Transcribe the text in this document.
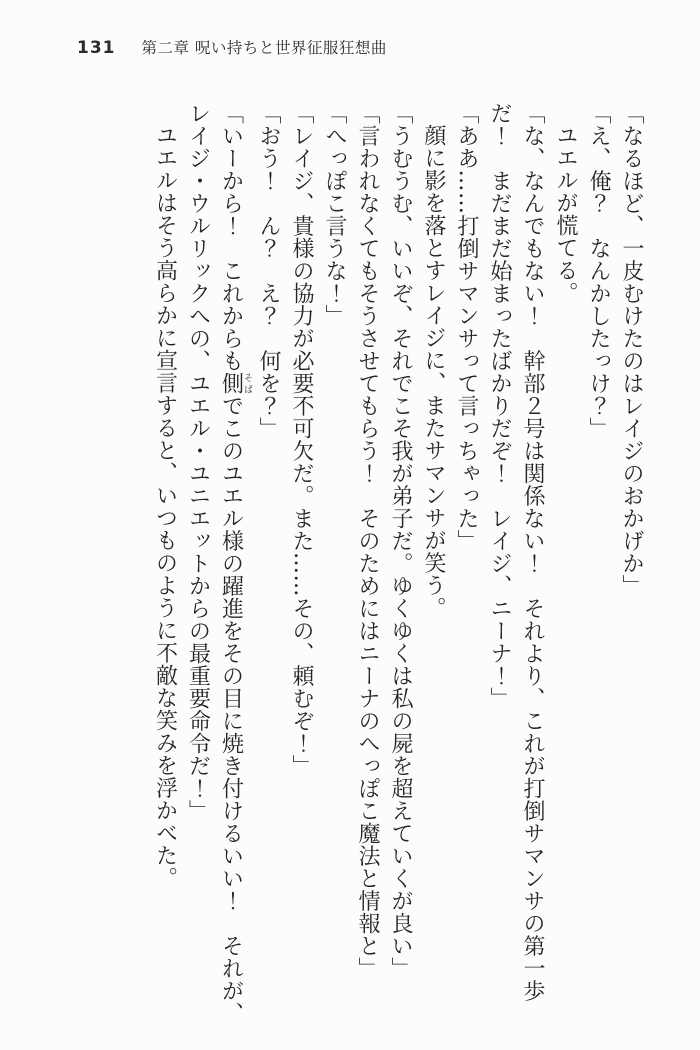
131 第二章 呪い持ちと世界征服狂想曲
「なるほど、一皮むけたのはレイジのおかげか」
「え、俺？　なんかしたっけ？」
ユエルが慌てる。
「な、なんでもない！　幹部２号は関係ない！　それより、これが打倒サマンサの第一歩
だ！　まだまだ始まったばかりだぞ！　レイジ、ニーナ！」
「ああ……打倒サマンサって言っちゃった」
顔に影を落とすレイジに、またサマンサが笑う。
「うむうむ、いいぞ、それでこそ我が弟子だ。ゆくゆくは私の屍を超えていくが良い」
「言われなくてもそうさせてもらう！　そのためにはニーナのへっぽこ魔法と情報と」
「へっぽこ言うな！」
「レイジ、貴様の協力が必要不可欠だ。また……その、頼むぞ！」
「おう！　ん？　え？　何を？」
「いーから！　これからも側そばでこのユエル様の躍進をその目に焼き付けるいい！　それが、
レイジ・ウルリックへの、ユエル・ユニエットからの最重要命令だ！」
ユエルはそう高らかに宣言すると、いつものように不敵な笑みを浮かべた。
